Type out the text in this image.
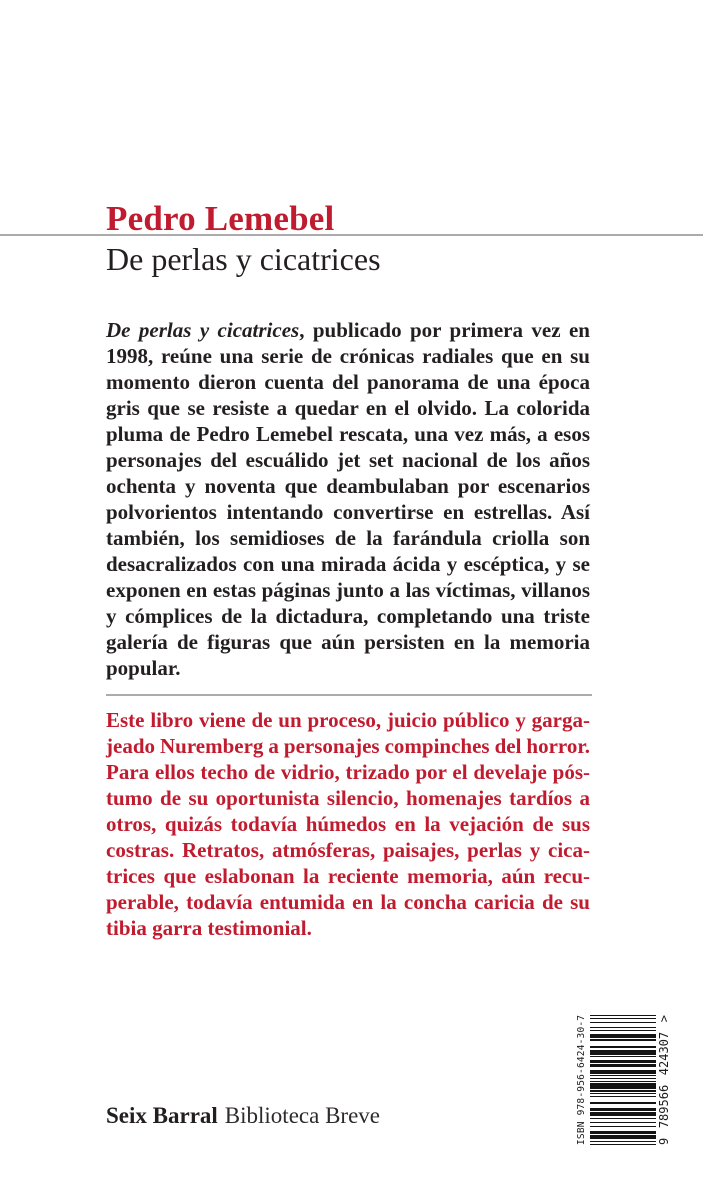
Pedro Lemebel
De perlas y cicatrices
De perlas y cicatrices, publicado por primera vez en
1998, reúne una serie de crónicas radiales que en su
momento dieron cuenta del panorama de una época
gris que se resiste a quedar en el olvido. La colorida
pluma de Pedro Lemebel rescata, una vez más, a esos
personajes del escuálido jet set nacional de los años
ochenta y noventa que deambulaban por escenarios
polvorientos intentando convertirse en estrellas. Así
también, los semidioses de la farándula criolla son
desacralizados con una mirada ácida y escéptica, y se
exponen en estas páginas junto a las víctimas, villanos
y cómplices de la dictadura, completando una triste
galería de figuras que aún persisten en la memoria
popular.
Este libro viene de un proceso, juicio público y garga-
jeado Nuremberg a personajes compinches del horror.
Para ellos techo de vidrio, trizado por el develaje pós-
tumo de su oportunista silencio, homenajes tardíos a
otros, quizás todavía húmedos en la vejación de sus
costras. Retratos, atmósferas, paisajes, perlas y cica-
trices que eslabonan la reciente memoria, aún recu-
perable, todavía entumida en la concha caricia de su
tibia garra testimonial.
Seix Barral Biblioteca Breve	ISBN 978-956-6424-30-7	9
789566
424307
>
